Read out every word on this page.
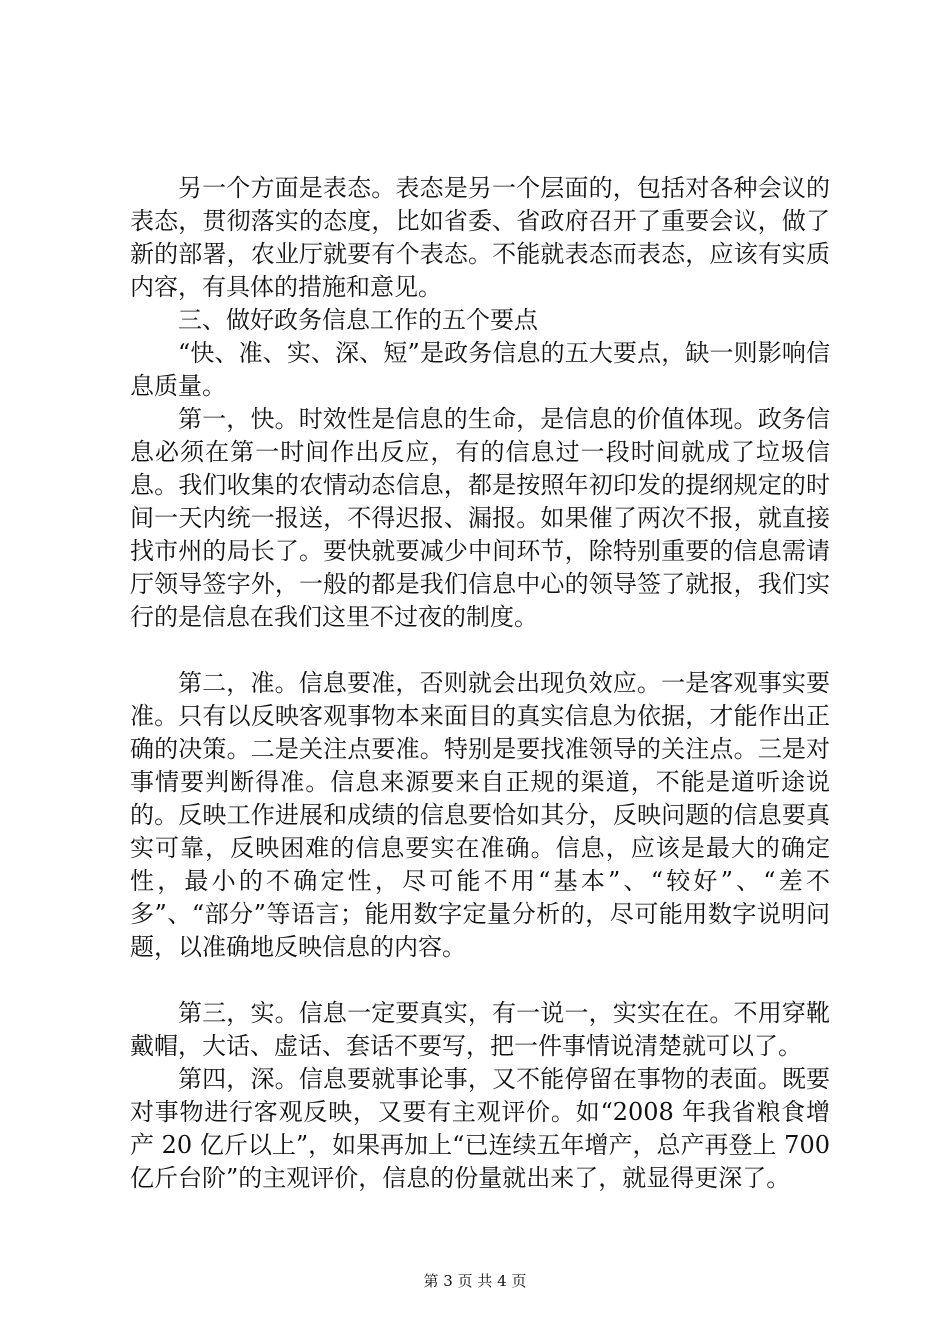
另一个方面是表态。表态是另一个层面的，包括对各种会议的表态，贯彻落实的态度，比如省委、省政府召开了重要会议，做了新的部署，农业厅就要有个表态。不能就表态而表态，应该有实质内容，有具体的措施和意见。

三、做好政务信息工作的五个要点

“快、准、实、深、短”是政务信息的五大要点，缺一则影响信息质量。

第一，快。时效性是信息的生命，是信息的价值体现。政务信息必须在第一时间作出反应，有的信息过一段时间就成了垃圾信息。我们收集的农情动态信息，都是按照年初印发的提纲规定的时间一天内统一报送，不得迟报、漏报。如果催了两次不报，就直接找市州的局长了。要快就要减少中间环节，除特别重要的信息需请厅领导签字外，一般的都是我们信息中心的领导签了就报，我们实行的是信息在我们这里不过夜的制度。

第二，准。信息要准，否则就会出现负效应。一是客观事实要准。只有以反映客观事物本来面目的真实信息为依据，才能作出正确的决策。二是关注点要准。特别是要找准领导的关注点。三是对事情要判断得准。信息来源要来自正规的渠道，不能是道听途说的。反映工作进展和成绩的信息要恰如其分，反映问题的信息要真实可靠，反映困难的信息要实在准确。信息，应该是最大的确定性，最小的不确定性，尽可能不用“基本”、“较好”、“差不多”、“部分”等语言；能用数字定量分析的，尽可能用数字说明问题，以准确地反映信息的内容。

第三，实。信息一定要真实，有一说一，实实在在。不用穿靴戴帽，大话、虚话、套话不要写，把一件事情说清楚就可以了。

第四，深。信息要就事论事，又不能停留在事物的表面。既要对事物进行客观反映，又要有主观评价。如“2008 年我省粮食增产 20 亿斤以上”，如果再加上“已连续五年增产，总产再登上 700 亿斤台阶”的主观评价，信息的份量就出来了，就显得更深了。

第 3 页 共 4 页
